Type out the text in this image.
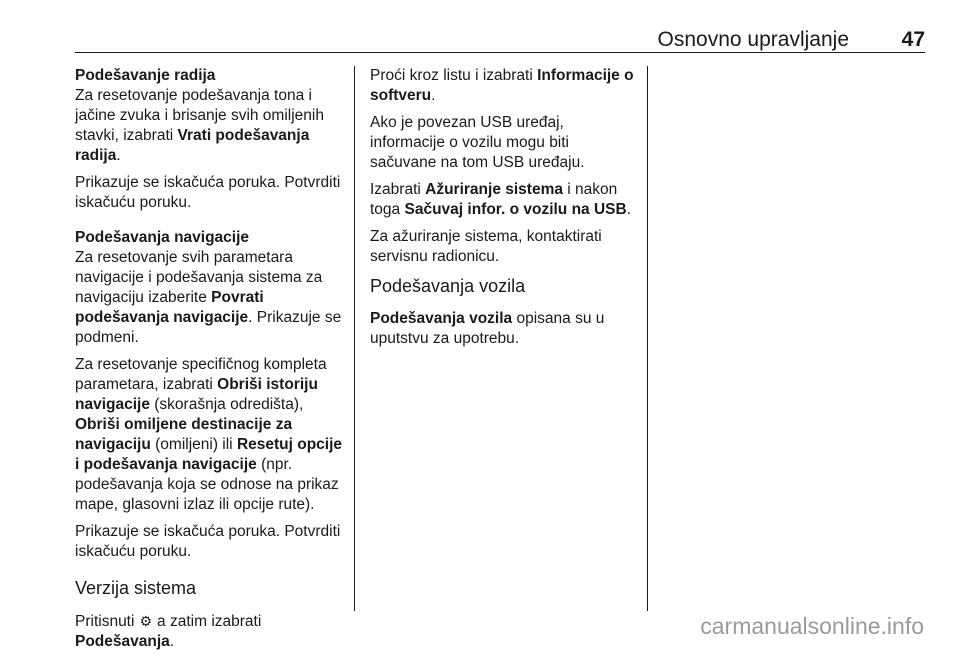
Osnovno upravljanje	47
Podešavanje radija

Za resetovanje podešavanja tona i jačine zvuka i brisanje svih omiljenih stavki, izabrati Vrati podešavanja radija.

Prikazuje se iskačuća poruka. Potvrditi iskačuću poruku.

Podešavanja navigacije

Za resetovanje svih parametara navigacije i podešavanja sistema za navigaciju izaberite Povrati podešavanja navigacije. Prikazuje se podmeni.

Za resetovanje specifičnog kompleta parametara, izabrati Obriši istoriju navigacije (skorašnja odredišta), Obriši omiljene destinacije za navigaciju (omiljeni) ili Resetuj opcije i podešavanja navigacije (npr. podešavanja koja se odnose na prikaz mape, glasovni izlaz ili opcije rute).

Prikazuje se iskačuća poruka. Potvrditi iskačuću poruku.

Verzija sistema

Pritisnuti ⚙ a zatim izabrati
Podešavanja.

Proći kroz listu i izabrati Informacije o softveru.

Ako je povezan USB uređaj, informacije o vozilu mogu biti sačuvane na tom USB uređaju.

Izabrati Ažuriranje sistema i nakon toga Sačuvaj infor. o vozilu na USB.

Za ažuriranje sistema, kontaktirati servisnu radionicu.

Podešavanja vozila

Podešavanja vozila opisana su u uputstvu za upotrebu.

carmanualsonline.info
